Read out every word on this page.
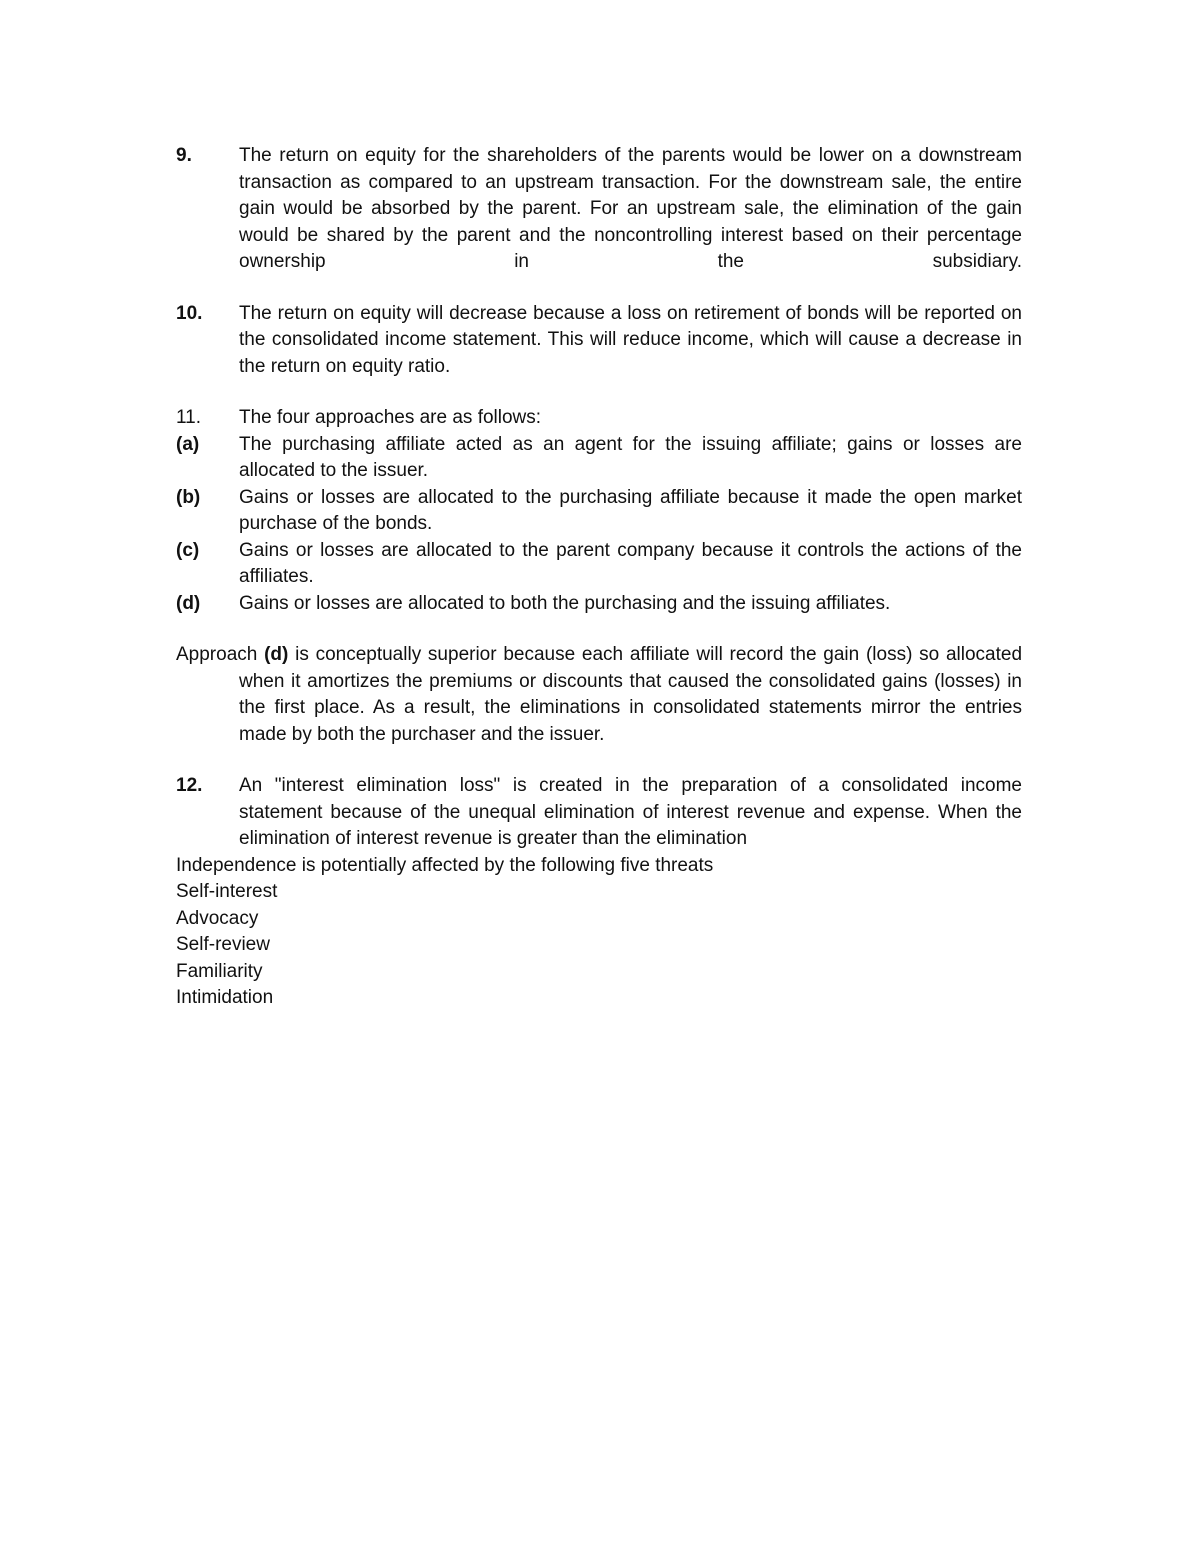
9. The return on equity for the shareholders of the parents would be lower on a downstream transaction as compared to an upstream transaction. For the downstream sale, the entire gain would be absorbed by the parent. For an upstream sale, the elimination of the gain would be shared by the parent and the noncontrolling interest based on their percentage ownership in the subsidiary.
10. The return on equity will decrease because a loss on retirement of bonds will be reported on the consolidated income statement. This will reduce income, which will cause a decrease in the return on equity ratio.
11. The four approaches are as follows:
(a) The purchasing affiliate acted as an agent for the issuing affiliate; gains or losses are allocated to the issuer.
(b) Gains or losses are allocated to the purchasing affiliate because it made the open market purchase of the bonds.
(c) Gains or losses are allocated to the parent company because it controls the actions of the affiliates.
(d) Gains or losses are allocated to both the purchasing and the issuing affiliates.
Approach (d) is conceptually superior because each affiliate will record the gain (loss) so allocated when it amortizes the premiums or discounts that caused the consolidated gains (losses) in the first place. As a result, the eliminations in consolidated statements mirror the entries made by both the purchaser and the issuer.
12. An "interest elimination loss" is created in the preparation of a consolidated income statement because of the unequal elimination of interest revenue and expense. When the elimination of interest revenue is greater than the elimination
Independence is potentially affected by the following five threats
Self-interest
Advocacy
Self-review
Familiarity
Intimidation
